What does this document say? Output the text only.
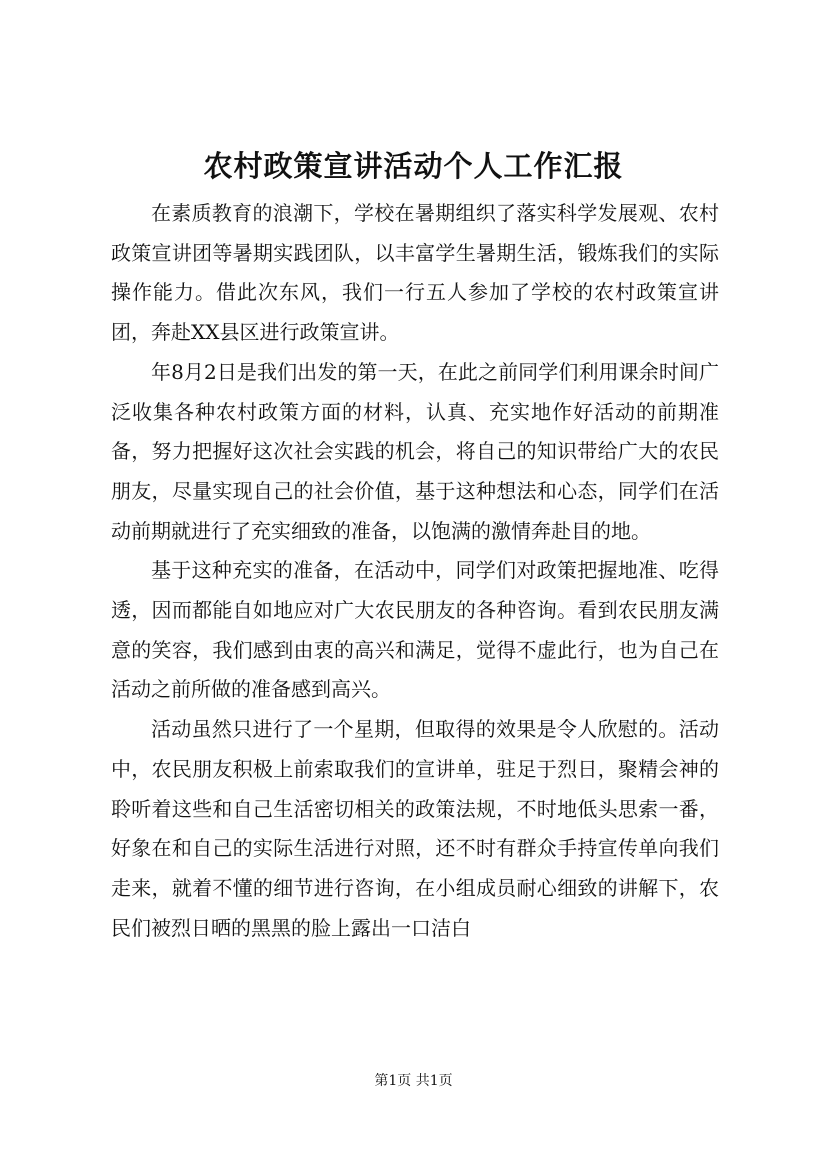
农村政策宣讲活动个人工作汇报

在素质教育的浪潮下，学校在暑期组织了落实科学发展观、农村政策宣讲团等暑期实践团队，以丰富学生暑期生活，锻炼我们的实际操作能力。借此次东风，我们一行五人参加了学校的农村政策宣讲团，奔赴XX县区进行政策宣讲。

年8月2日是我们出发的第一天，在此之前同学们利用课余时间广泛收集各种农村政策方面的材料，认真、充实地作好活动的前期准备，努力把握好这次社会实践的机会，将自己的知识带给广大的农民朋友，尽量实现自己的社会价值，基于这种想法和心态，同学们在活动前期就进行了充实细致的准备，以饱满的激情奔赴目的地。

基于这种充实的准备，在活动中，同学们对政策把握地准、吃得透，因而都能自如地应对广大农民朋友的各种咨询。看到农民朋友满意的笑容，我们感到由衷的高兴和满足，觉得不虚此行，也为自己在活动之前所做的准备感到高兴。

活动虽然只进行了一个星期，但取得的效果是令人欣慰的。活动中，农民朋友积极上前索取我们的宣讲单，驻足于烈日，聚精会神的聆听着这些和自己生活密切相关的政策法规，不时地低头思索一番，好象在和自己的实际生活进行对照，还不时有群众手持宣传单向我们走来，就着不懂的细节进行咨询，在小组成员耐心细致的讲解下，农民们被烈日晒的黑黑的脸上露出一口洁白

第1页 共1页
